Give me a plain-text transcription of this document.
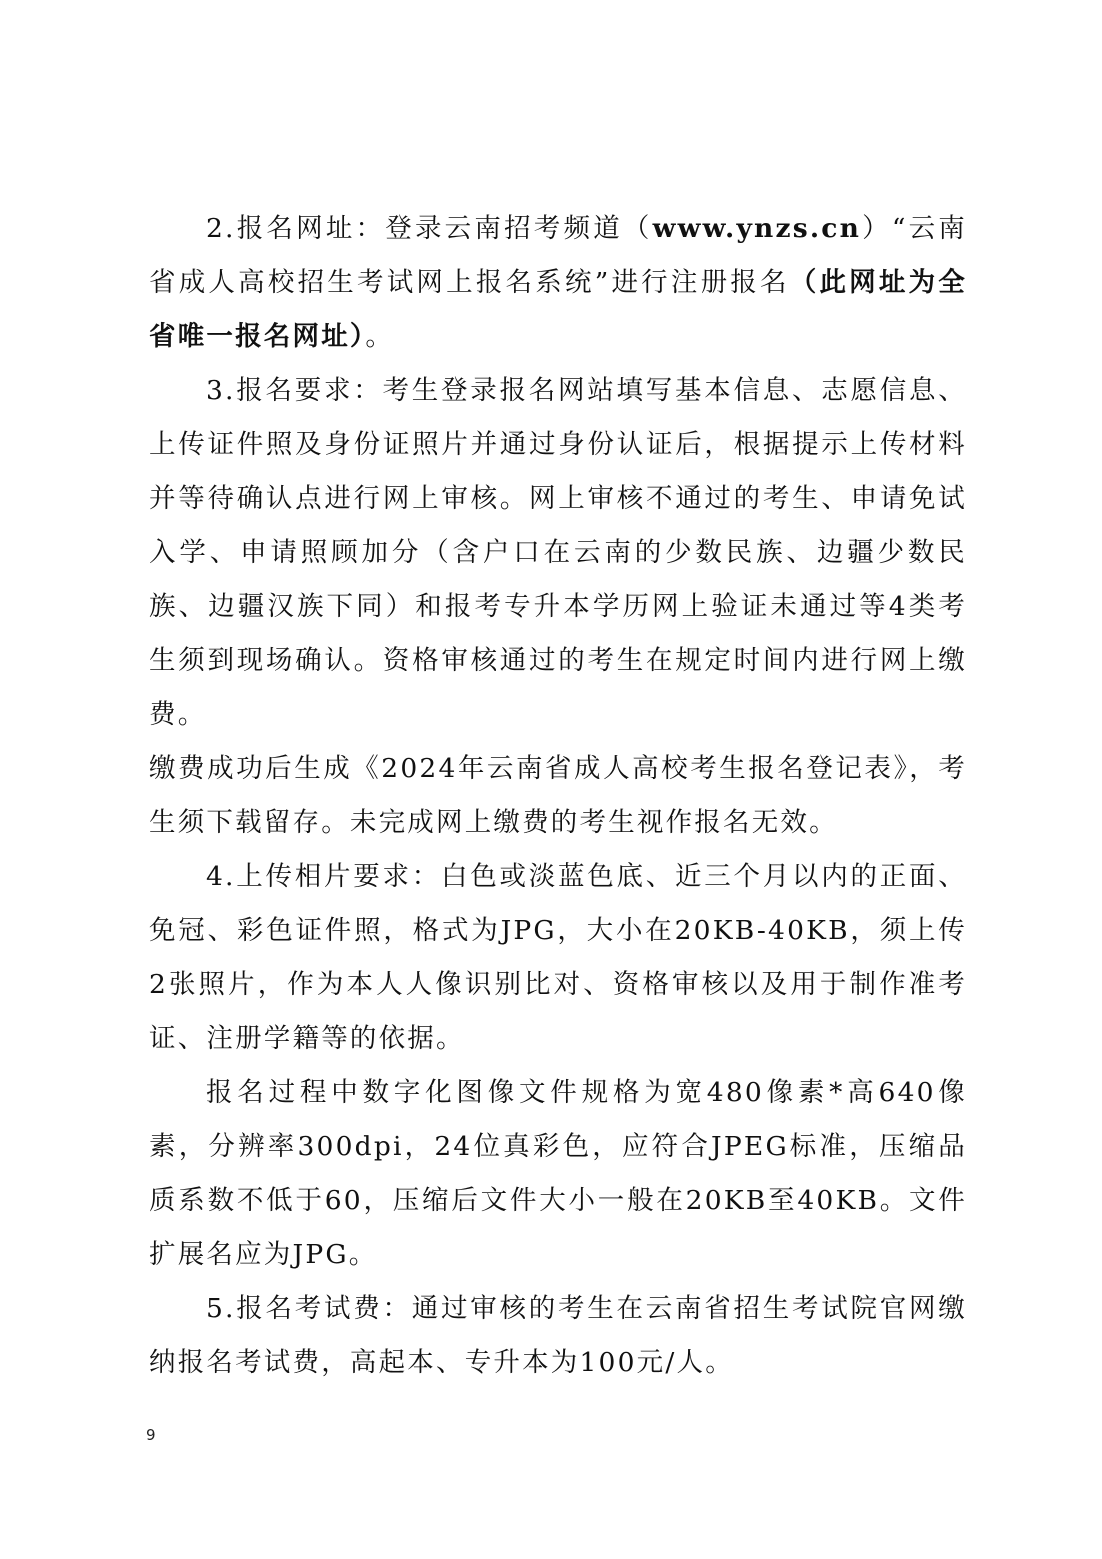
2.报名网址：登录云南招考频道（www.ynzs.cn）“云南省成人高校招生考试网上报名系统”进行注册报名（此网址为全省唯一报名网址）。

3.报名要求：考生登录报名网站填写基本信息、志愿信息、上传证件照及身份证照片并通过身份认证后，根据提示上传材料并等待确认点进行网上审核。网上审核不通过的考生、申请免试入学、申请照顾加分（含户口在云南的少数民族、边疆少数民族、边疆汉族下同）和报考专升本学历网上验证未通过等4类考生须到现场确认。资格审核通过的考生在规定时间内进行网上缴费。

缴费成功后生成《2024年云南省成人高校考生报名登记表》，考生须下载留存。未完成网上缴费的考生视作报名无效。

4.上传相片要求：白色或淡蓝色底、近三个月以内的正面、免冠、彩色证件照，格式为JPG，大小在20KB-40KB，须上传2张照片，作为本人人像识别比对、资格审核以及用于制作准考证、注册学籍等的依据。

报名过程中数字化图像文件规格为宽480像素*高640像素，分辨率300dpi，24位真彩色，应符合JPEG标准，压缩品质系数不低于60，压缩后文件大小一般在20KB至40KB。文件扩展名应为JPG。

5.报名考试费：通过审核的考生在云南省招生考试院官网缴纳报名考试费，高起本、专升本为100元/人。

9
